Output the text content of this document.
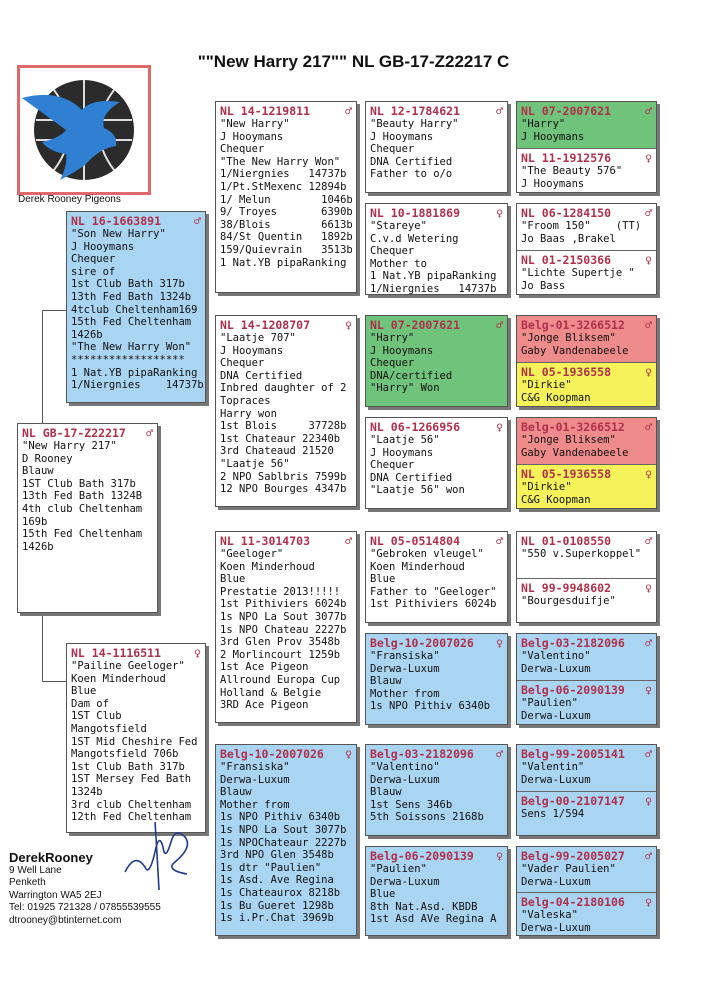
""New Harry 217"" NL GB-17-Z22217 C
Derek Rooney Pigeons
NL GB-17-Z22217 ♂
"New Harry 217"
D Rooney
Blauw
1ST Club Bath 317b
13th Fed Bath 1324B
4th club Cheltenham
169b
15th Fed Cheltenham
1426b
NL 16-1663891	♂
"Son New Harry"
J Hooymans
Chequer
sire of
1st Club Bath 317b
13th Fed Bath 1324b
4tclub Cheltenham169
15th Fed Cheltenham
1426b
"The New Harry Won"
******************
1 Nat.YB pipaRanking
1/Niergnies    14737b
NL 14-1116511	♀
"Pailine Geeloger"
Koen Minderhoud
Blue
Dam of
1ST Club
Mangotsfield
1ST Mid Cheshire Fed
Mangotsfield 706b
1st Club Bath 317b
1ST Mersey Fed Bath
1324b
3rd club Cheltenham
12th Fed Cheltenham
NL 14-1219811	♂
"New Harry"
J Hooymans
Chequer
"The New Harry Won"
1/Niergnies   14737b
1/Pt.StMexenc 12894b
1/ Melun        1046b
9/ Troyes       6390b
38/Blois        6613b
84/St Quentin   1892b
159/Quievrain   3513b
1 Nat.YB pipaRanking
NL 14-1208707	♀
"Laatje 707"
J Hooymans
Chequer
DNA Certified
Inbred daughter of 2
Topraces
Harry won
1st Blois     37728b
1st Chateaur 22340b
3rd Chateaud 21520
"Laatje 56"
2 NPO Sablbris 7599b
12 NPO Bourges 4347b
NL 11-3014703	♂
"Geeloger"
Koen Minderhoud
Blue
Prestatie 2013!!!!!
1st Pithiviers 6024b
1s NPO La Sout 3077b
1s NPO Chateau 2227b
3rd Glen Prov 3548b
2 Morlincourt 1259b
1st Ace Pigeon
Allround Europa Cup
Holland & Belgie
3RD Ace Pigeon
Belg-10-2007026 ♀
"Fransiska"
Derwa-Luxum
Blauw
Mother from
1s NPO Pithiv 6340b
1s NPO La Sout 3077b
1s NPOChateaur 2227b
3rd NPO Glen 3548b
1s dtr "Paulien"
1s Asd. Ave Regina
1s Chateaurox 8218b
1s Bu Gueret 1298b
1s i.Pr.Chat 3969b
NL 12-1784621	♂
"Beauty Harry"
J Hooymans
Chequer
DNA Certified
Father to o/o
NL 10-1881869	♀
"Stareye"
C.v.d Wetering
Chequer
Mother to
1 Nat.YB pipaRanking
1/Niergnies   14737b
NL 07-2007621	♂
"Harry"
J Hooymans
Chequer
DNA/certified
"Harry" Won
NL 06-1266956	♀
"Laatje 56"
J Hooymans
Chequer
DNA Certified
"Laatje 56" won
NL 05-0514804	♂
"Gebroken vleugel"
Koen Minderhoud
Blue
Father to "Geeloger"
1st Pithiviers 6024b
Belg-10-2007026 ♀
"Fransiska"
Derwa-Luxum
Blauw
Mother from
1s NPO Pithiv 6340b
Belg-03-2182096 ♂
"Valentino"
Derwa-Luxum
Blauw
1st Sens 346b
5th Soissons 2168b
Belg-06-2090139 ♀
"Paulien"
Derwa-Luxum
Blue
8th Nat.Asd. KBDB
1st Asd AVe Regina A
NL 07-2007621	♂
"Harry"
J Hooymans
NL 11-1912576	♀
"The Beauty 576"
J Hooymans
NL 06-1284150	♂
"Froom 150"    (TT)
Jo Baas ,Brakel
NL 01-2150366	♀
"Lichte Supertje "
Jo Bass
Belg-01-3266512 ♂
"Jonge Bliksem"
Gaby Vandenabeele
NL 05-1936558	♀
"Dirkie"
C&G Koopman
Belg-01-3266512 ♂
"Jonge Bliksem"
Gaby Vandenabeele
NL 05-1936558	♀
"Dirkie"
C&G Koopman
NL 01-0108550	♂
"550 v.Superkoppel"
NL 99-9948602	♀
"Bourgesduifje"
Belg-03-2182096 ♂
"Valentino"
Derwa-Luxum
Belg-06-2090139 ♀
"Paulien"
Derwa-Luxum
Belg-99-2005141 ♂
"Valentin"
Derwa-Luxum
Belg-00-2107147 ♀
Sens 1/594
Belg-99-2005027 ♂
"Vader Paulien"
Derwa-Luxum
Belg-04-2180106 ♀
"Valeska"
Derwa-Luxum
DerekRooney
9 Well Lane
Penketh
Warrington WA5 2EJ
Tel: 01925 721328 / 07855539555
dtrooney@btinternet.com
